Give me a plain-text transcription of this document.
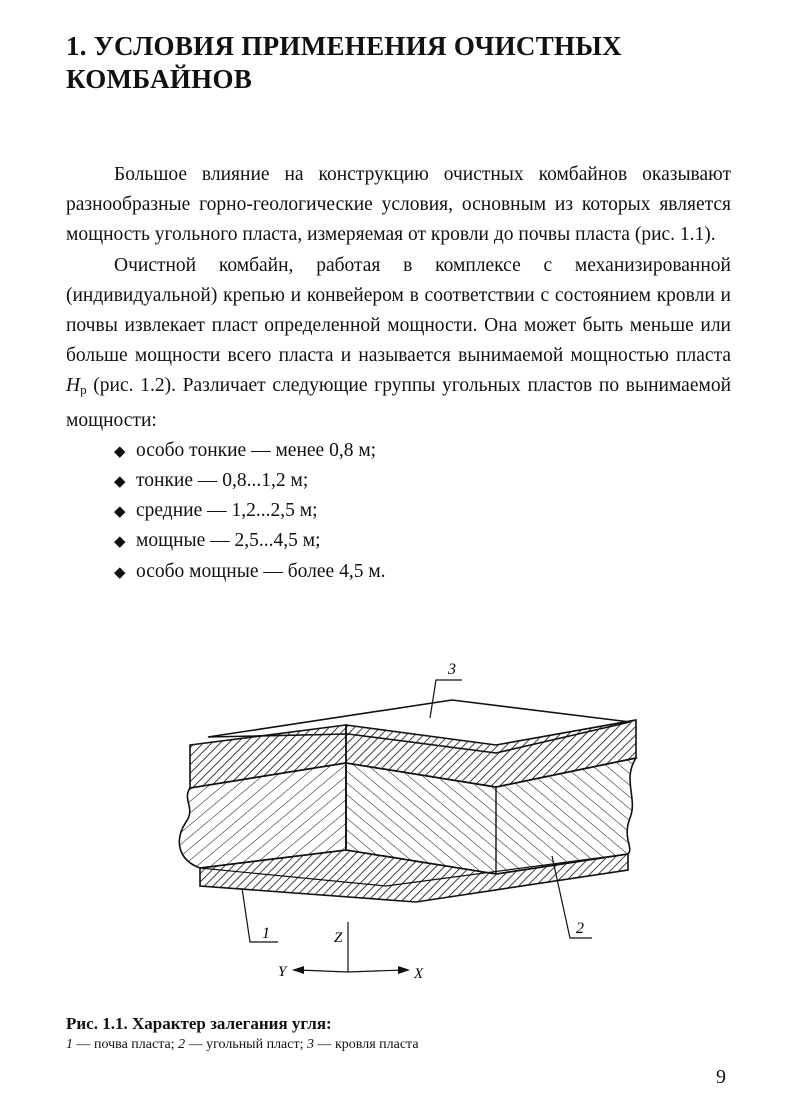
1. УСЛОВИЯ ПРИМЕНЕНИЯ ОЧИСТНЫХ
КОМБАЙНОВ

Большое влияние на конструкцию очистных комбайнов оказывают разнообразные горно-геологические условия, основным из которых является мощность угольного пласта, измеряемая от кровли до почвы пласта (рис. 1.1).

Очистной комбайн, работая в комплексе с механизированной (индивидуальной) крепью и конвейером в соответствии с состоянием кровли и почвы извлекает пласт определенной мощности. Она может быть меньше или больше мощности всего пласта и называется вынимаемой мощностью пласта $H_р$ (рис. 1.2). Различает следующие группы угольных пластов по вынимаемой мощности:

◆ особо тонкие — менее 0,8 м;
◆ тонкие — 0,8...1,2 м;
◆ средние — 1,2...2,5 м;
◆ мощные — 2,5...4,5 м;
◆ особо мощные — более 4,5 м.
3
1	2
Z
Y	X
Рис. 1.1. Характер залегания угля:
1 — почва пласта; 2 — угольный пласт; 3 — кровля пласта
9
